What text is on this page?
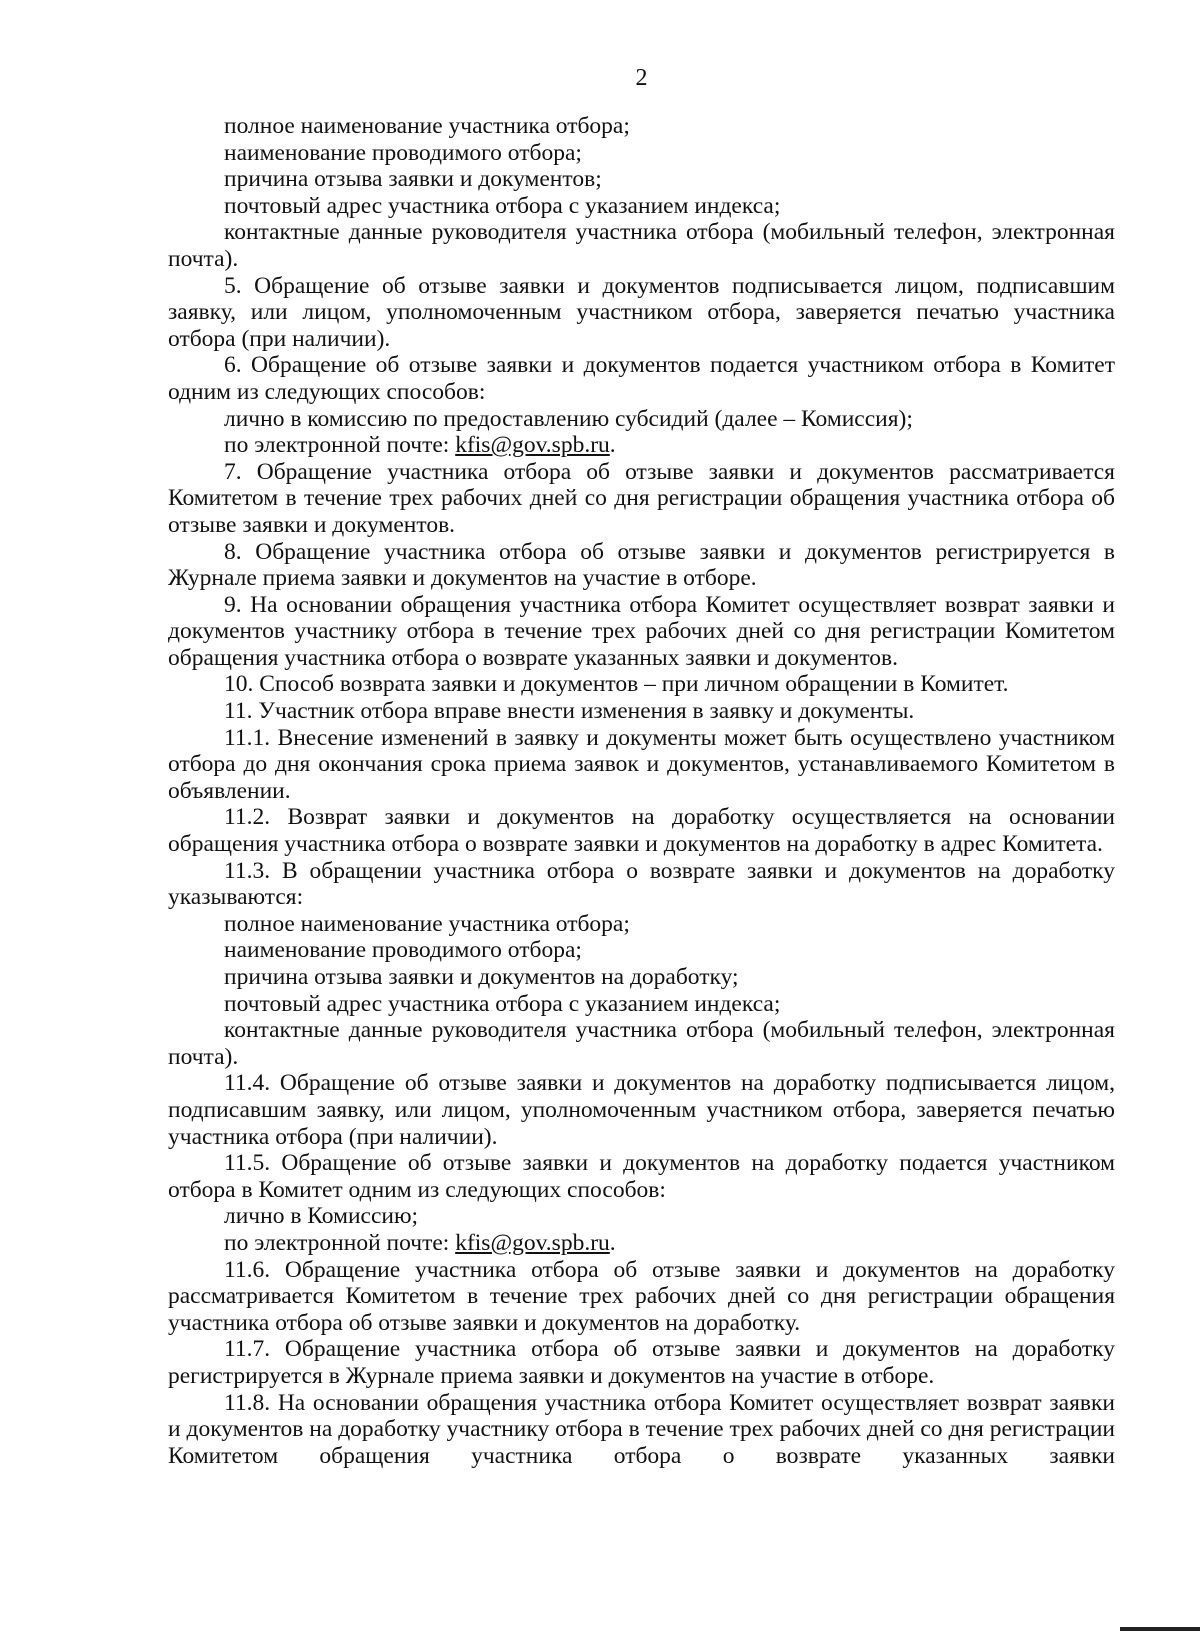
2

полное наименование участника отбора;

наименование проводимого отбора;

причина отзыва заявки и документов;

почтовый адрес участника отбора с указанием индекса;

контактные данные руководителя участника отбора (мобильный телефон, электронная почта).

5. Обращение об отзыве заявки и документов подписывается лицом, подписавшим заявку, или лицом, уполномоченным участником отбора, заверяется печатью участника отбора (при наличии).

6. Обращение об отзыве заявки и документов подается участником отбора в Комитет одним из следующих способов:

лично в комиссию по предоставлению субсидий (далее – Комиссия);

по электронной почте: kfis@gov.spb.ru.

7. Обращение участника отбора об отзыве заявки и документов рассматривается Комитетом в течение трех рабочих дней со дня регистрации обращения участника отбора об отзыве заявки и документов.

8. Обращение участника отбора об отзыве заявки и документов регистрируется в Журнале приема заявки и документов на участие в отборе.

9. На основании обращения участника отбора Комитет осуществляет возврат заявки и документов участнику отбора в течение трех рабочих дней со дня регистрации Комитетом обращения участника отбора о возврате указанных заявки и документов.

10. Способ возврата заявки и документов – при личном обращении в Комитет.

11. Участник отбора вправе внести изменения в заявку и документы.

11.1. Внесение изменений в заявку и документы может быть осуществлено участником отбора до дня окончания срока приема заявок и документов, устанавливаемого Комитетом в объявлении.

11.2. Возврат заявки и документов на доработку осуществляется на основании обращения участника отбора о возврате заявки и документов на доработку в адрес Комитета.

11.3. В обращении участника отбора о возврате заявки и документов на доработку указываются:

полное наименование участника отбора;

наименование проводимого отбора;

причина отзыва заявки и документов на доработку;

почтовый адрес участника отбора с указанием индекса;

контактные данные руководителя участника отбора (мобильный телефон, электронная почта).

11.4. Обращение об отзыве заявки и документов на доработку подписывается лицом, подписавшим заявку, или лицом, уполномоченным участником отбора, заверяется печатью участника отбора (при наличии).

11.5. Обращение об отзыве заявки и документов на доработку подается участником отбора в Комитет одним из следующих способов:

лично в Комиссию;

по электронной почте: kfis@gov.spb.ru.

11.6. Обращение участника отбора об отзыве заявки и документов на доработку рассматривается Комитетом в течение трех рабочих дней со дня регистрации обращения участника отбора об отзыве заявки и документов на доработку.

11.7. Обращение участника отбора об отзыве заявки и документов на доработку регистрируется в Журнале приема заявки и документов на участие в отборе.

11.8. На основании обращения участника отбора Комитет осуществляет возврат заявки и документов на доработку участнику отбора в течение трех рабочих дней со дня регистрации Комитетом обращения участника отбора о возврате указанных заявки
